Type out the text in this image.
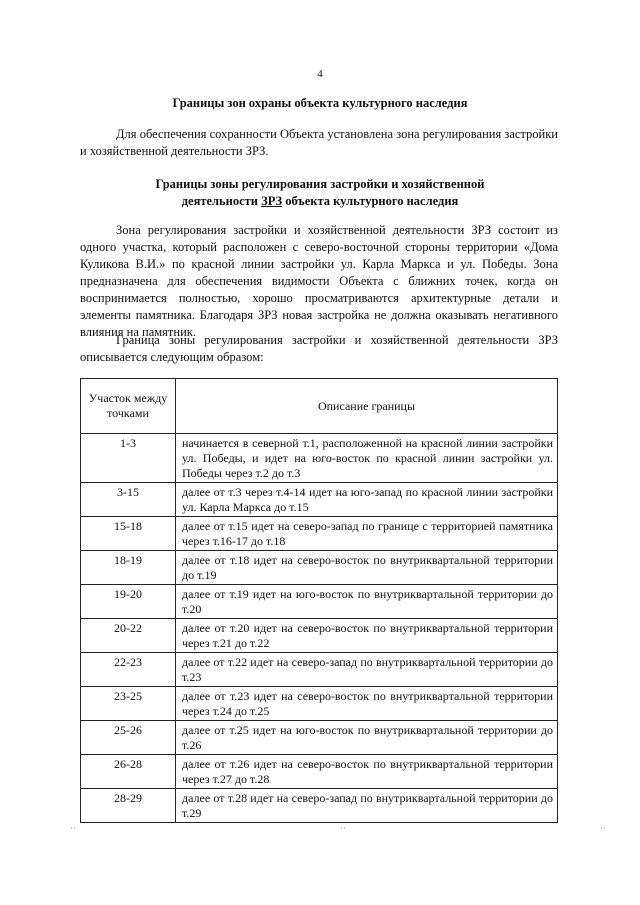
4
Границы зон охраны объекта культурного наследия

Для обеспечения сохранности Объекта установлена зона регулирования застройки и хозяйственной деятельности ЗРЗ.

Границы зоны регулирования застройки и хозяйственной
деятельности ЗРЗ объекта культурного наследия

Зона регулирования застройки и хозяйственной деятельности ЗРЗ состоит из одного участка, который расположен с северо-восточной стороны территории «Дома Куликова В.И.» по красной линии застройки ул. Карла Маркса и ул. Победы. Зона предназначена для обеспечения видимости Объекта с ближних точек, когда он воспринимается полностью, хорошо просматриваются архитектурные детали и элементы памятника. Благодаря ЗРЗ новая застройка не должна оказывать негативного влияния на памятник.

Граница зоны регулирования застройки и хозяйственной деятельности ЗРЗ описывается следующим образом:

Участок между точками	Описание границы
1-3	начинается в северной т.1, расположенной на красной линии застройки ул. Победы, и идет на юго-восток по красной линии застройки ул. Победы через т.2 до т.3
3-15	далее от т.3 через т.4-14 идет на юго-запад по красной линии застройки ул. Карла Маркса до т.15
15-18	далее от т.15 идет на северо-запад по границе с территорией памятника через т.16-17 до т.18
18-19	далее от т.18 идет на северо-восток по внутриквартальной территории до т.19
19-20	далее от т.19 идет на юго-восток по внутриквартальной территории до т.20
20-22	далее от т.20 идет на северо-восток по внутриквартальной территории через т.21 до т.22
22-23	далее от т.22 идет на северо-запад по внутриквартальной территории до т.23
23-25	далее от т.23 идет на северо-восток по внутриквартальной территории через т.24 до т.25
25-26	далее от т.25 идет на юго-восток по внутриквартальной территории до т.26
26-28	далее от т.26 идет на северо-восток по внутриквартальной территории через т.27 до т.28
28-29	далее от т.28 идет на северо-запад по внутриквартальной территории до т.29
˙˙	˙˙	˙˙
